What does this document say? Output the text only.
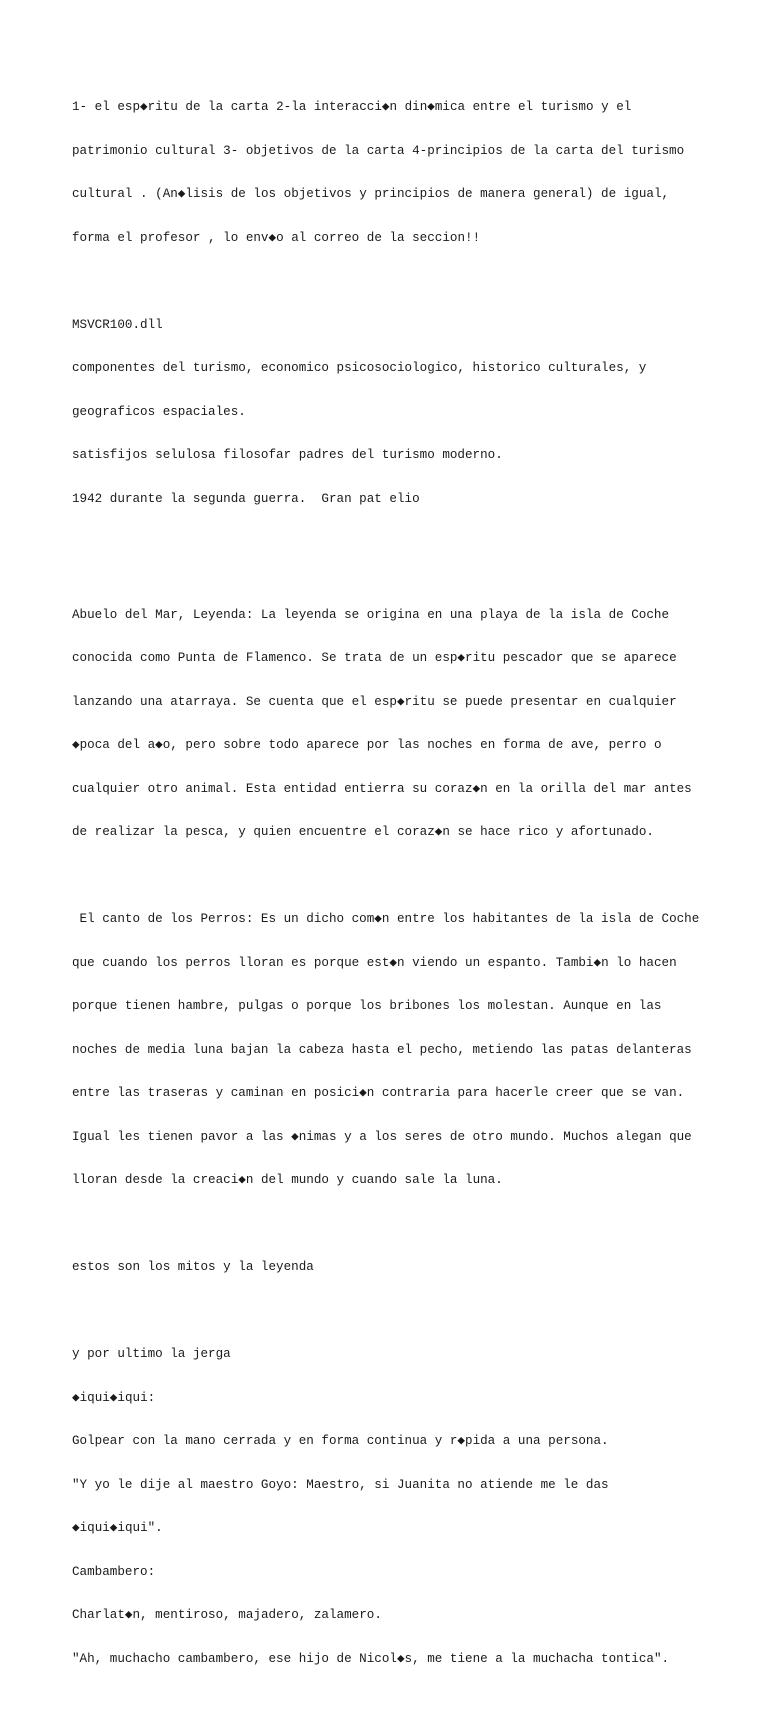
1- el esp◆ritu de la carta 2-la interacci◆n din◆mica entre el turismo y el

patrimonio cultural 3- objetivos de la carta 4-principios de la carta del turismo

cultural . (An◆lisis de los objetivos y principios de manera general) de igual,

forma el profesor , lo env◆o al correo de la seccion!!

MSVCR100.dll

componentes del turismo, economico psicosociologico, historico culturales, y

geograficos espaciales.

satisfijos selulosa filosofar padres del turismo moderno.

1942 durante la segunda guerra.  Gran pat elio

Abuelo del Mar, Leyenda: La leyenda se origina en una playa de la isla de Coche

conocida como Punta de Flamenco. Se trata de un esp◆ritu pescador que se aparece

lanzando una atarraya. Se cuenta que el esp◆ritu se puede presentar en cualquier

◆poca del a◆o, pero sobre todo aparece por las noches en forma de ave, perro o

cualquier otro animal. Esta entidad entierra su coraz◆n en la orilla del mar antes

de realizar la pesca, y quien encuentre el coraz◆n se hace rico y afortunado.

El canto de los Perros: Es un dicho com◆n entre los habitantes de la isla de Coche

que cuando los perros lloran es porque est◆n viendo un espanto. Tambi◆n lo hacen

porque tienen hambre, pulgas o porque los bribones los molestan. Aunque en las

noches de media luna bajan la cabeza hasta el pecho, metiendo las patas delanteras

entre las traseras y caminan en posici◆n contraria para hacerle creer que se van.

Igual les tienen pavor a las ◆nimas y a los seres de otro mundo. Muchos alegan que

lloran desde la creaci◆n del mundo y cuando sale la luna.

estos son los mitos y la leyenda

y por ultimo la jerga

◆iqui◆iqui:

Golpear con la mano cerrada y en forma continua y r◆pida a una persona.

"Y yo le dije al maestro Goyo: Maestro, si Juanita no atiende me le das

◆iqui◆iqui".

Cambambero:

Charlat◆n, mentiroso, majadero, zalamero.

"Ah, muchacho cambambero, ese hijo de Nicol◆s, me tiene a la muchacha tontica".
